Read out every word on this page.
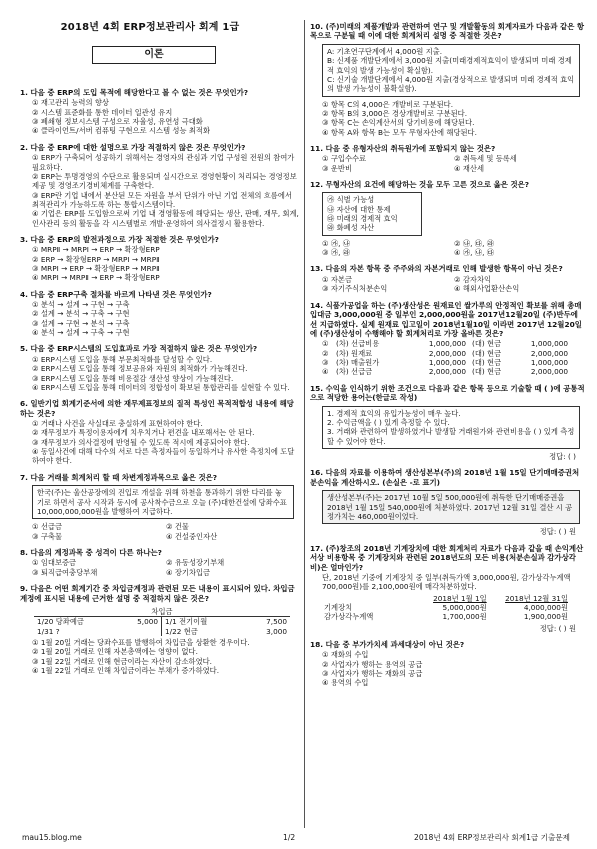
2018년 4회 ERP정보관리사 회계 1급
이론
1. 다음 중 ERP의 도입 목적에 해당한다고 볼 수 없는 것은 무엇인가?
① 재고관리 능력의 향상
② 시스템 표준화를 통한 데이터 일관성 유지
③ 폐쇄형 정보시스템 구성으로 자율성, 유연성 극대화
④ 클라이언트/서버 컴퓨팅 구현으로 시스템 성능 최적화
2. 다음 중 ERP에 대한 설명으로 가장 적절하지 않은 것은 무엇인가?
① ERP가 구축되어 성공하기 위해서는 경영자의 관심과 기업 구성원 전원의 참여가 필요하다.
② ERP는 투명경영의 수단으로 활용되며 실시간으로 경영현황이 처리되는 경영정보제공 및 경영조기경비체계를 구축한다.
③ ERP란 기업 내에서 분산된 모든 자원을 부서 단위가 아닌 기업 전체의 흐름에서 최적관리가 가능하도록 하는 통합시스템이다.
④ 기업은 ERP를 도입함으로써 기업 내 경영활동에 해당되는 생산, 판매, 재무, 회계, 인사관리 등의 활동을 각 시스템별로 개발·운영하여 의사결정시 활용한다.
3. 다음 중 ERP의 발전과정으로 가장 적절한 것은 무엇인가?
① MRPⅡ → MRPⅠ → ERP → 확장형ERP
② ERP → 확장형ERP → MRPⅠ → MRPⅡ
③ MRPⅠ → ERP → 확장형ERP → MRPⅡ
④ MRPⅠ → MRPⅡ → ERP → 확장형ERP
4. 다음 중 ERP구축 절차를 바르게 나타낸 것은 무엇인가?
① 분석 → 설계 → 구현 → 구축
② 설계 → 분석 → 구축 → 구현
③ 설계 → 구현 → 분석 → 구축
④ 분석 → 설계 → 구축 → 구현
5. 다음 중 ERP시스템의 도입효과로 가장 적절하지 않은 것은 무엇인가?
① ERP시스템 도입을 통해 부문최적화를 달성할 수 있다.
② ERP시스템 도입을 통해 정보공유와 자원의 최적화가 가능해진다.
③ ERP시스템 도입을 통해 비용절감 생산성 향상이 가능해진다.
④ ERP시스템 도입을 통해 데이터의 정합성이 확보된 통합관리를 실현할 수 있다.
6. 일반기업 회계기준서에 의한 재무제표정보의 질적 특성인 목적적합성 내용에 해당하는 것은?
① 거래나 사건을 사실대로 충실하게 표현하여야 한다.
② 재무정보가 특정이용자에게 치우치거나 편견을 내포해서는 안 된다.
③ 재무정보가 의사결정에 반영될 수 있도록 적시에 제공되어야 한다.
④ 동일사건에 대해 다수의 서로 다른 측정자들이 동일하거나 유사한 측정치에 도달하여야 한다.
7. 다음 거래를 회계처리 할 때 차변계정과목으로 옳은 것은?
한국(주)는 울산공장에의 진입로 개설을 위해 하천을 통과하기 위한 다리를 놓기로 하면서 공사 시작과 동시에 공사착수금으로 오늘 (주)대한건설에 당좌수표 10,000,000,000원을 발행하여 지급하다.
① 선급금	② 건물
③ 구축물	④ 건설중인자산
8. 다음의 계정과목 중 성격이 다른 하나는?
① 임대보증금	② 유동성장기부채
③ 퇴직급여충당부채	④ 장기차입금
9. 다음은 어떤 회계기간 중 차입금계정과 관련된 모든 내용이 표시되어 있다. 차입금계정에 표시된 내용에 근거한 설명 중 적절하지 않은 것은?
차입금
1/20 당좌예금	5,000
1/31 ?
1/1 전기이월	7,500
1/22 현금	3,000
① 1월 20일 거래는 당좌수표를 발행하여 차입금을 상환한 경우이다.
② 1월 20일 거래로 인해 자본총액에는 영향이 없다.
③ 1월 22일 거래로 인해 현금이라는 자산이 감소하였다.
④ 1월 22일 거래로 인해 차입금이라는 부채가 증가하였다.
10. (주)미래의 제품개발과 관련하여 연구 및 개발활동의 회계자료가 다음과 같은 항목으로 구분될 때 이에 대한 회계처리 설명 중 적절한 것은?
A: 기초연구단계에서 4,000원 지출.
B: 신제품 개발단계에서 3,000원 지출(미래경제적효익이 발생되며 미래 경제적 효익의 발생 가능성이 확실함).
C: 신기술 개발단계에서 4,000원 지출(경상적으로 발생되며 미래 경제적 효익의 발생 가능성이 불확실함).
① 항목 C의 4,000은 개발비로 구분된다.
② 항목 B의 3,000은 경상개발비로 구분된다.
③ 항목 C는 손익계산서의 당기비용에 해당된다.
④ 항목 A와 항목 B는 모두 무형자산에 해당된다.
11. 다음 중 유형자산의 취득원가에 포함되지 않는 것은?
① 구입수수료	② 취득세 및 등록세
③ 운반비	④ 재산세
12. 무형자산의 요건에 해당하는 것을 모두 고른 것으로 옳은 것은?
㉮ 식별 가능성
㉯ 자산에 대한 통제
㉰ 미래의 경제적 효익
㉱ 화폐성 자산
① ㉮, ㉯	② ㉯, ㉰, ㉱
③ ㉮, ㉱	④ ㉮, ㉯, ㉰
13. 다음의 자본 항목 중 주주와의 자본거래로 인해 발생한 항목이 아닌 것은?
① 자본금	② 감자차익
③ 자기주식처분손익	④ 해외사업환산손익
14. 식품가공업을 하는 (주)생산성은 원재료인 쌀가루의 안정적인 확보를 위해 총매입대금 3,000,000원 중 일부인 2,000,000원을 2017년12월20일 (주)반두에 선 지급하였다. 실제 원재료 입고일이 2018년1월10일 이라면 2017년 12월20일에 (주)생산성이 수행해야 할 회계처리로 가장 올바른 것은?
①	(차) 선급비용	1,000,000 (대) 현금	1,000,000
②	(차) 원재료	2,000,000 (대) 현금	2,000,000
③	(차) 매출원가	1,000,000 (대) 현금	1,000,000
④	(차) 선급금	2,000,000 (대) 현금	2,000,000
15. 수익을 인식하기 위한 조건으로 다음과 같은 항목 등으로 기술할 때 ( )에 공통적으로 적당한 용어는(한글로 작성)
1. 경제적 효익의 유입가능성이 매우 높다.
2. 수익금액을 ( ) 있게 측정할 수 있다.
3. 거래와 관련하여 발생하였거나 발생할 거래원가와 관련비용을 ( ) 있게 측정할 수 있어야 한다.
정답: ( )
16. 다음의 자료를 이용하여 생산성본부(주)의 2018년 1월 15일 단기매매증권처분손익을 계산하시오. (손실은 -로 표기)
생산성본부(주)는 2017년 10월 5일 500,000원에 취득한 단기매매증권을 2018년 1월 15일 540,000원에 처분하였다. 2017년 12월 31일 결산 시 공정가치는 460,000원이었다.
정답: ( ) 원
17. (주)창조의 2018년 기계장치에 대한 회계처리 자료가 다음과 같을 때 손익계산서상 비용항목 중 기계장치와 관련된 2018년도의 모든 비용(처분손실과 감가상각비)은 얼마인가?
단, 2018년 기중에 기계장치 중 일부(취득가액 3,000,000원, 감가상각누계액 700,000원)를 2,100,000원에 매각처분하였다.
2018년 1월 1일	2018년 12월 31일
기계장치	5,000,000원	4,000,000원
감가상각누계액	1,700,000원	1,900,000원
정답: ( ) 원
18. 다음 중 부가가치세 과세대상이 아닌 것은?
① 재화의 수입
② 사업자가 행하는 용역의 공급
③ 사업자가 행하는 재화의 공급
④ 용역의 수입
mau15.blog.me	1/2	2018년 4회 ERP정보관리사 회계1급 기출문제
